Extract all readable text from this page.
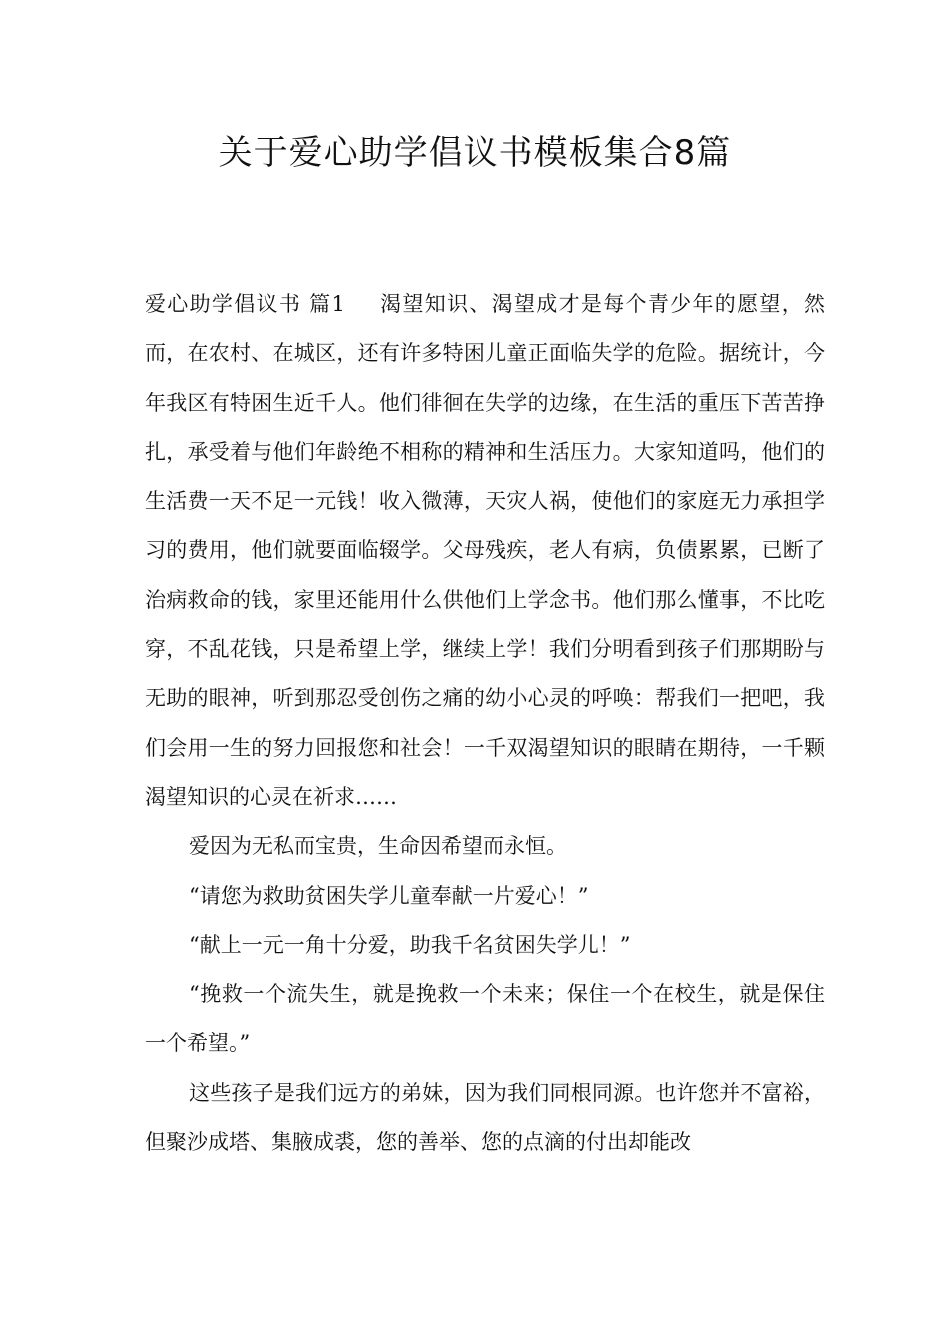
关于爱心助学倡议书模板集合8篇

爱心助学倡议书 篇1 渴望知识、渴望成才是每个青少年的愿望，然而，在农村、在城区，还有许多特困儿童正面临失学的危险。据统计，今年我区有特困生近千人。他们徘徊在失学的边缘，在生活的重压下苦苦挣扎，承受着与他们年龄绝不相称的精神和生活压力。大家知道吗，他们的生活费一天不足一元钱！收入微薄，天灾人祸，使他们的家庭无力承担学习的费用，他们就要面临辍学。父母残疾，老人有病，负债累累，已断了治病救命的钱，家里还能用什么供他们上学念书。他们那么懂事，不比吃穿，不乱花钱，只是希望上学，继续上学！我们分明看到孩子们那期盼与无助的眼神，听到那忍受创伤之痛的幼小心灵的呼唤：帮我们一把吧，我们会用一生的努力回报您和社会！一千双渴望知识的眼睛在期待，一千颗渴望知识的心灵在祈求……

爱因为无私而宝贵，生命因希望而永恒。

“请您为救助贫困失学儿童奉献一片爱心！”

“献上一元一角十分爱，助我千名贫困失学儿！”

“挽救一个流失生，就是挽救一个未来；保住一个在校生，就是保住一个希望。”

这些孩子是我们远方的弟妹，因为我们同根同源。也许您并不富裕，但聚沙成塔、集腋成裘，您的善举、您的点滴的付出却能改
